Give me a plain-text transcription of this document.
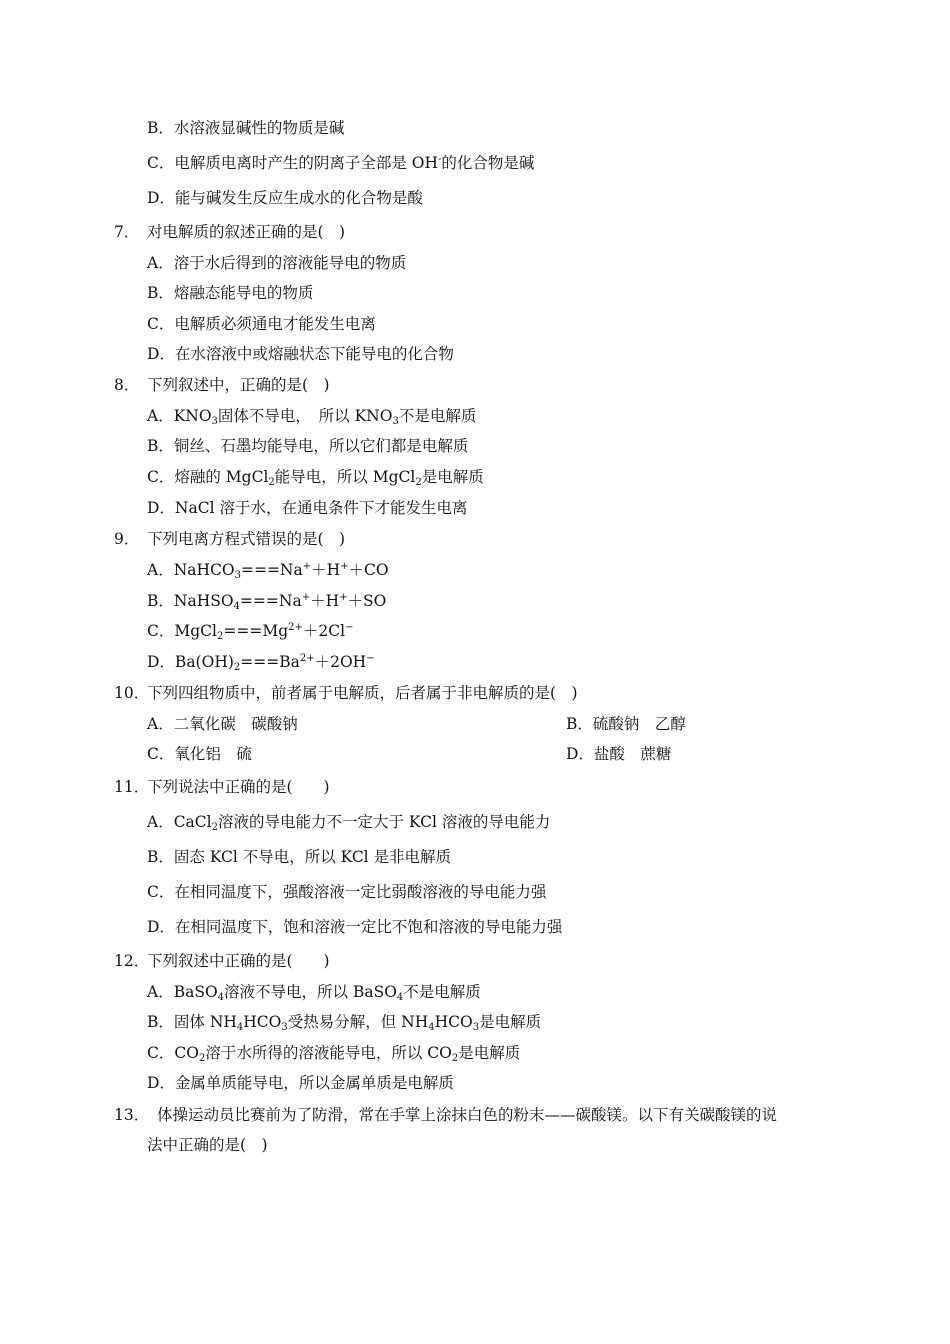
B．水溶液显碱性的物质是碱
C．电解质电离时产生的阴离子全部是 OH-的化合物是碱
D．能与碱发生反应生成水的化合物是酸
7． 对电解质的叙述正确的是(　)
A．溶于水后得到的溶液能导电的物质
B．熔融态能导电的物质
C．电解质必须通电才能发生电离
D．在水溶液中或熔融状态下能导电的化合物
8． 下列叙述中，正确的是(　)
A．$KNO_3$固体不导电，　所以 $KNO_3$不是电解质
B．铜丝、石墨均能导电，所以它们都是电解质
C．熔融的 MgCl$_2$能导电，所以 MgCl$_2$是电解质
D．NaCl 溶于水，在通电条件下才能发生电离
9． 下列电离方程式错误的是(　)
A．NaHCO$_3$===Na+＋H+＋CO
B．NaHSO$_4$===Na+＋H+＋SO
C．$MgCl_2===Mg^{2+}+2Cl^-$
D．$Ba(OH)_2===Ba^{2+}+2OH^-$
10．
下列四组物质中，前者属于电解质，后者属于非电解质的是(　)
A．二氧化碳　碳酸钠	B．硫酸钠　乙醇
C．氧化铝　硫	D．盐酸　蔗糖
11．
下列说法中正确的是(　　)
A．CaCl$_2$溶液的导电能力不一定大于 KCl 溶液的导电能力
B．固态 KCl 不导电，所以 KCl 是非电解质
C．在相同温度下，强酸溶液一定比弱酸溶液的导电能力强
D．在相同温度下，饱和溶液一定比不饱和溶液的导电能力强
12．
下列叙述中正确的是(　　)
A．BaSO$_4$溶液不导电，所以 BaSO$_4$不是电解质
B．固体 $NH_4HCO_3$受热易分解，但 $NH_4HCO_3$是电解质
C．$CO_2$溶于水所得的溶液能导电，所以 $CO_2$是电解质
D．金属单质能导电，所以金属单质是电解质
13． 体操运动员比赛前为了防滑，常在手掌上涂抹白色的粉末——碳酸镁。以下有关碳酸镁的说
法中正确的是(　)
